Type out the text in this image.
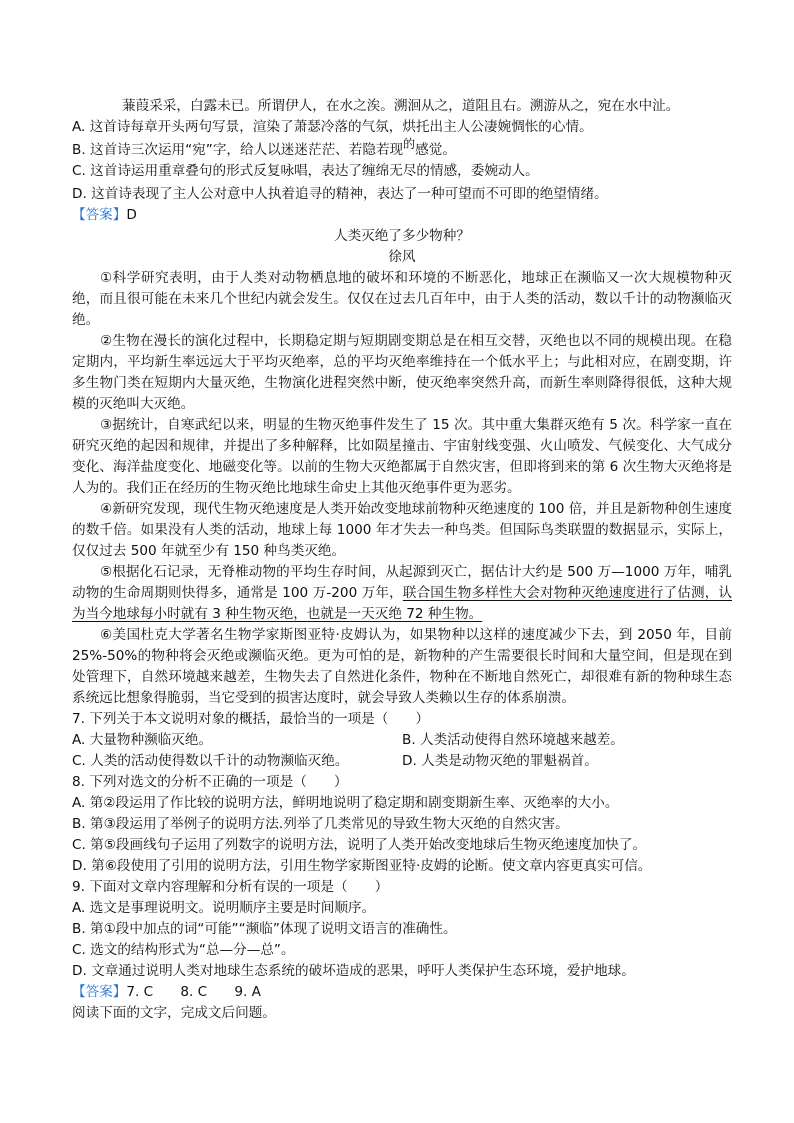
蒹葭采采，白露未已。所谓伊人，在水之涘。溯洄从之，道阻且右。溯游从之，宛在水中沚。
A. 这首诗每章开头两句写景，渲染了萧瑟冷落的气氛，烘托出主人公凄婉惆怅的心情。
B. 这首诗三次运用“宛”字，给人以迷迷茫茫、若隐若现的感觉。
C. 这首诗运用重章叠句的形式反复咏唱，表达了缠绵无尽的情感，委婉动人。
D. 这首诗表现了主人公对意中人执着追寻的精神，表达了一种可望而不可即的绝望情绪。
【答案】D
人类灭绝了多少物种？
徐风
①科学研究表明，由于人类对动物栖息地的破坏和环境的不断恶化，地球正在濒临又一次大规模物种灭绝，而且很可能在未来几个世纪内就会发生。仅仅在过去几百年中，由于人类的活动，数以千计的动物濒临灭绝。
②生物在漫长的演化过程中，长期稳定期与短期剧变期总是在相互交替，灭绝也以不同的规模出现。在稳定期内，平均新生率远远大于平均灭绝率，总的平均灭绝率维持在一个低水平上；与此相对应，在剧变期，许多生物门类在短期内大量灭绝，生物演化进程突然中断，使灭绝率突然升高，而新生率则降得很低，这种大规模的灭绝叫大灭绝。
③据统计，自寒武纪以来，明显的生物灭绝事件发生了 15 次。其中重大集群灭绝有 5 次。科学家一直在研究灭绝的起因和规律，并提出了多种解释，比如陨星撞击、宇宙射线变强、火山喷发、气候变化、大气成分变化、海洋盐度变化、地磁变化等。以前的生物大灭绝都属于自然灾害，但即将到来的第 6 次生物大灭绝将是人为的。我们正在经历的生物灭绝比地球生命史上其他灭绝事件更为恶劣。
④新研究发现，现代生物灭绝速度是人类开始改变地球前物种灭绝速度的 100 倍，并且是新物种创生速度的数千倍。如果没有人类的活动，地球上每 1000 年才失去一种鸟类。但国际鸟类联盟的数据显示，实际上，仅仅过去 500 年就至少有 150 种鸟类灭绝。
⑤根据化石记录，无脊椎动物的平均生存时间，从起源到灭亡，据估计大约是 500 万—1000 万年，哺乳动物的生命周期则快得多，通常是 100 万-200 万年，联合国生物多样性大会对物种灭绝速度进行了估测，认为当今地球每小时就有 3 种生物灭绝，也就是一天灭绝 72 种生物。
⑥美国杜克大学著名生物学家斯图亚特·皮姆认为，如果物种以这样的速度减少下去，到 2050 年，目前 25%-50%的物种将会灭绝或濒临灭绝。更为可怕的是，新物种的产生需要很长时间和大量空间，但是现在到处管理下，自然环境越来越差，生物失去了自然进化条件，物种在不断地自然死亡，却很难有新的物种球生态系统远比想象得脆弱，当它受到的损害达度时，就会导致人类赖以生存的体系崩溃。
7. 下列关于本文说明对象的概括，最恰当的一项是（　　）
A. 大量物种濒临灭绝。	B. 人类活动使得自然环境越来越差。
C. 人类的活动使得数以千计的动物濒临灭绝。	D. 人类是动物灭绝的罪魁祸首。
8. 下列对选文的分析不正确的一项是（　　）
A. 第②段运用了作比较的说明方法，鲜明地说明了稳定期和剧变期新生率、灭绝率的大小。
B. 第③段运用了举例子的说明方法.列举了几类常见的导致生物大灭绝的自然灾害。
C. 第⑤段画线句子运用了列数字的说明方法，说明了人类开始改变地球后生物灭绝速度加快了。
D. 第⑥段使用了引用的说明方法，引用生物学家斯图亚特·皮姆的论断。使文章内容更真实可信。
9. 下面对文章内容理解和分析有误的一项是（　　）
A. 选文是事理说明文。说明顺序主要是时间顺序。
B. 第①段中加点的词“可能”“濒临”体现了说明文语言的准确性。
C. 选文的结构形式为“总—分—总”。
D. 文章通过说明人类对地球生态系统的破坏造成的恶果，呼吁人类保护生态环境，爱护地球。
【答案】7. C　　8. C　　9. A
阅读下面的文字，完成文后问题。
